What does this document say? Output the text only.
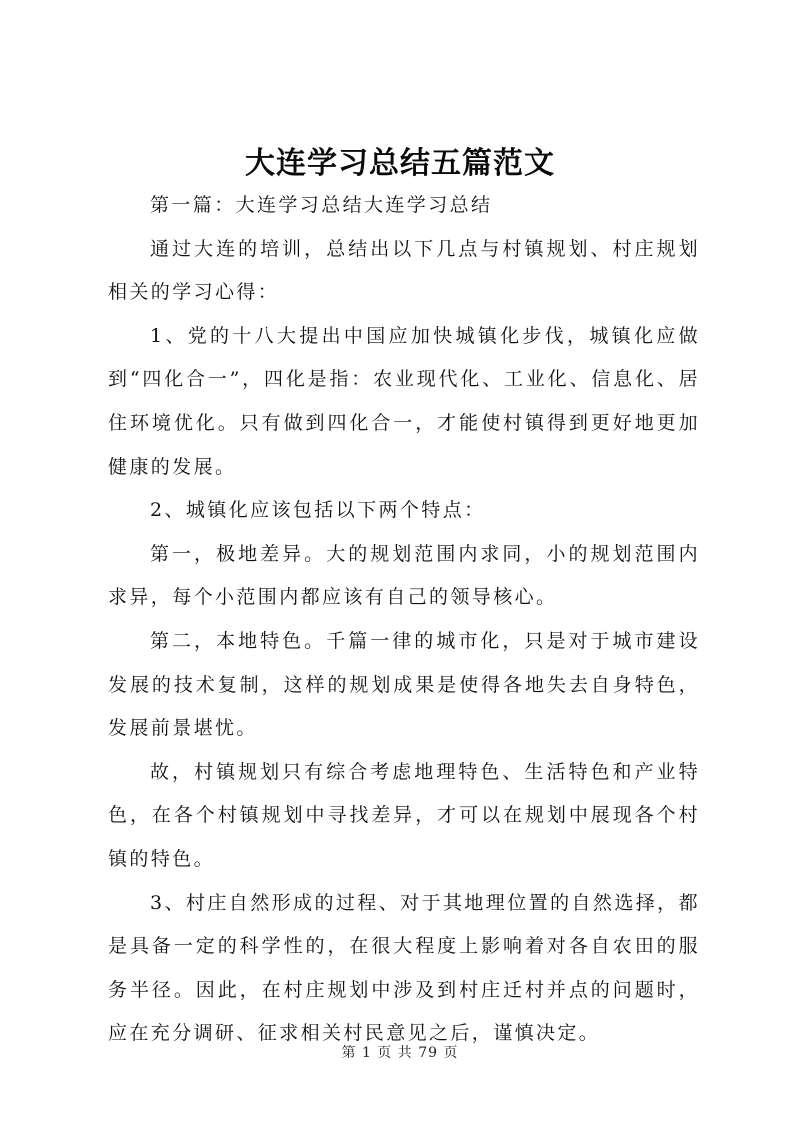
大连学习总结五篇范文

第一篇：大连学习总结大连学习总结

通过大连的培训，总结出以下几点与村镇规划、村庄规划相关的学习心得：

1、党的十八大提出中国应加快城镇化步伐，城镇化应做到“四化合一”，四化是指：农业现代化、工业化、信息化、居住环境优化。只有做到四化合一，才能使村镇得到更好地更加健康的发展。

2、城镇化应该包括以下两个特点：

第一，极地差异。大的规划范围内求同，小的规划范围内求异，每个小范围内都应该有自己的领导核心。

第二，本地特色。千篇一律的城市化，只是对于城市建设发展的技术复制，这样的规划成果是使得各地失去自身特色，发展前景堪忧。

故，村镇规划只有综合考虑地理特色、生活特色和产业特色，在各个村镇规划中寻找差异，才可以在规划中展现各个村镇的特色。

3、村庄自然形成的过程、对于其地理位置的自然选择，都是具备一定的科学性的，在很大程度上影响着对各自农田的服务半径。因此，在村庄规划中涉及到村庄迁村并点的问题时，应在充分调研、征求相关村民意见之后，谨慎决定。

第 1 页 共 79 页
